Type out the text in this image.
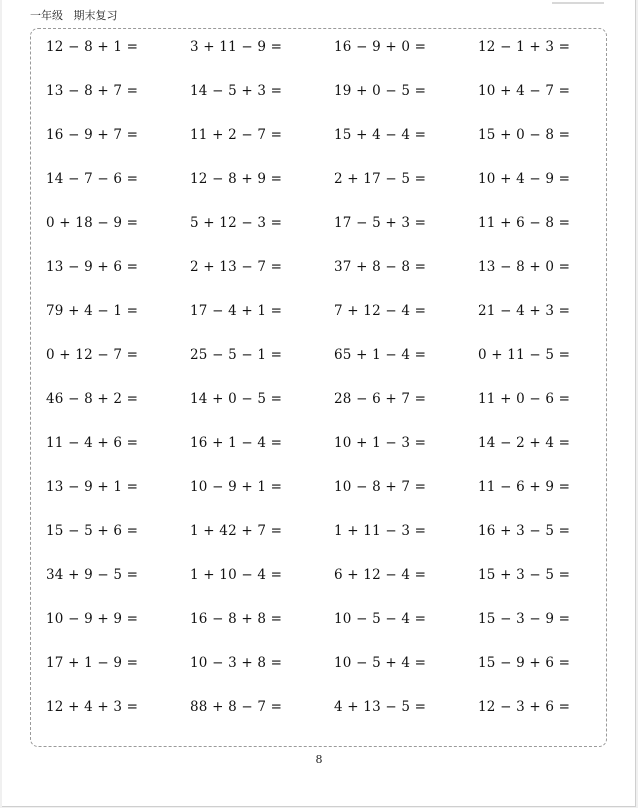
一年级   期末复习
12 − 8 + 1 =	3 + 11 − 9 =	16 − 9 + 0 =	12 − 1 + 3 =
13 − 8 + 7 =	14 − 5 + 3 =	19 + 0 − 5 =	10 + 4 − 7 =
16 − 9 + 7 =	11 + 2 − 7 =	15 + 4 − 4 =	15 + 0 − 8 =
14 − 7 − 6 =	12 − 8 + 9 =	2 + 17 − 5 =	10 + 4 − 9 =
0 + 18 − 9 =	5 + 12 − 3 =	17 − 5 + 3 =	11 + 6 − 8 =
13 − 9 + 6 =	2 + 13 − 7 =	37 + 8 − 8 =	13 − 8 + 0 =
79 + 4 − 1 =	17 − 4 + 1 =	7 + 12 − 4 =	21 − 4 + 3 =
0 + 12 − 7 =	25 − 5 − 1 =	65 + 1 − 4 =	0 + 11 − 5 =
46 − 8 + 2 =	14 + 0 − 5 =	28 − 6 + 7 =	11 + 0 − 6 =
11 − 4 + 6 =	16 + 1 − 4 =	10 + 1 − 3 =	14 − 2 + 4 =
13 − 9 + 1 =	10 − 9 + 1 =	10 − 8 + 7 =	11 − 6 + 9 =
15 − 5 + 6 =	1 + 42 + 7 =	1 + 11 − 3 =	16 + 3 − 5 =
34 + 9 − 5 =	1 + 10 − 4 =	6 + 12 − 4 =	15 + 3 − 5 =
10 − 9 + 9 =	16 − 8 + 8 =	10 − 5 − 4 =	15 − 3 − 9 =
17 + 1 − 9 =	10 − 3 + 8 =	10 − 5 + 4 =	15 − 9 + 6 =
12 + 4 + 3 =	88 + 8 − 7 =	4 + 13 − 5 =	12 − 3 + 6 =
8
